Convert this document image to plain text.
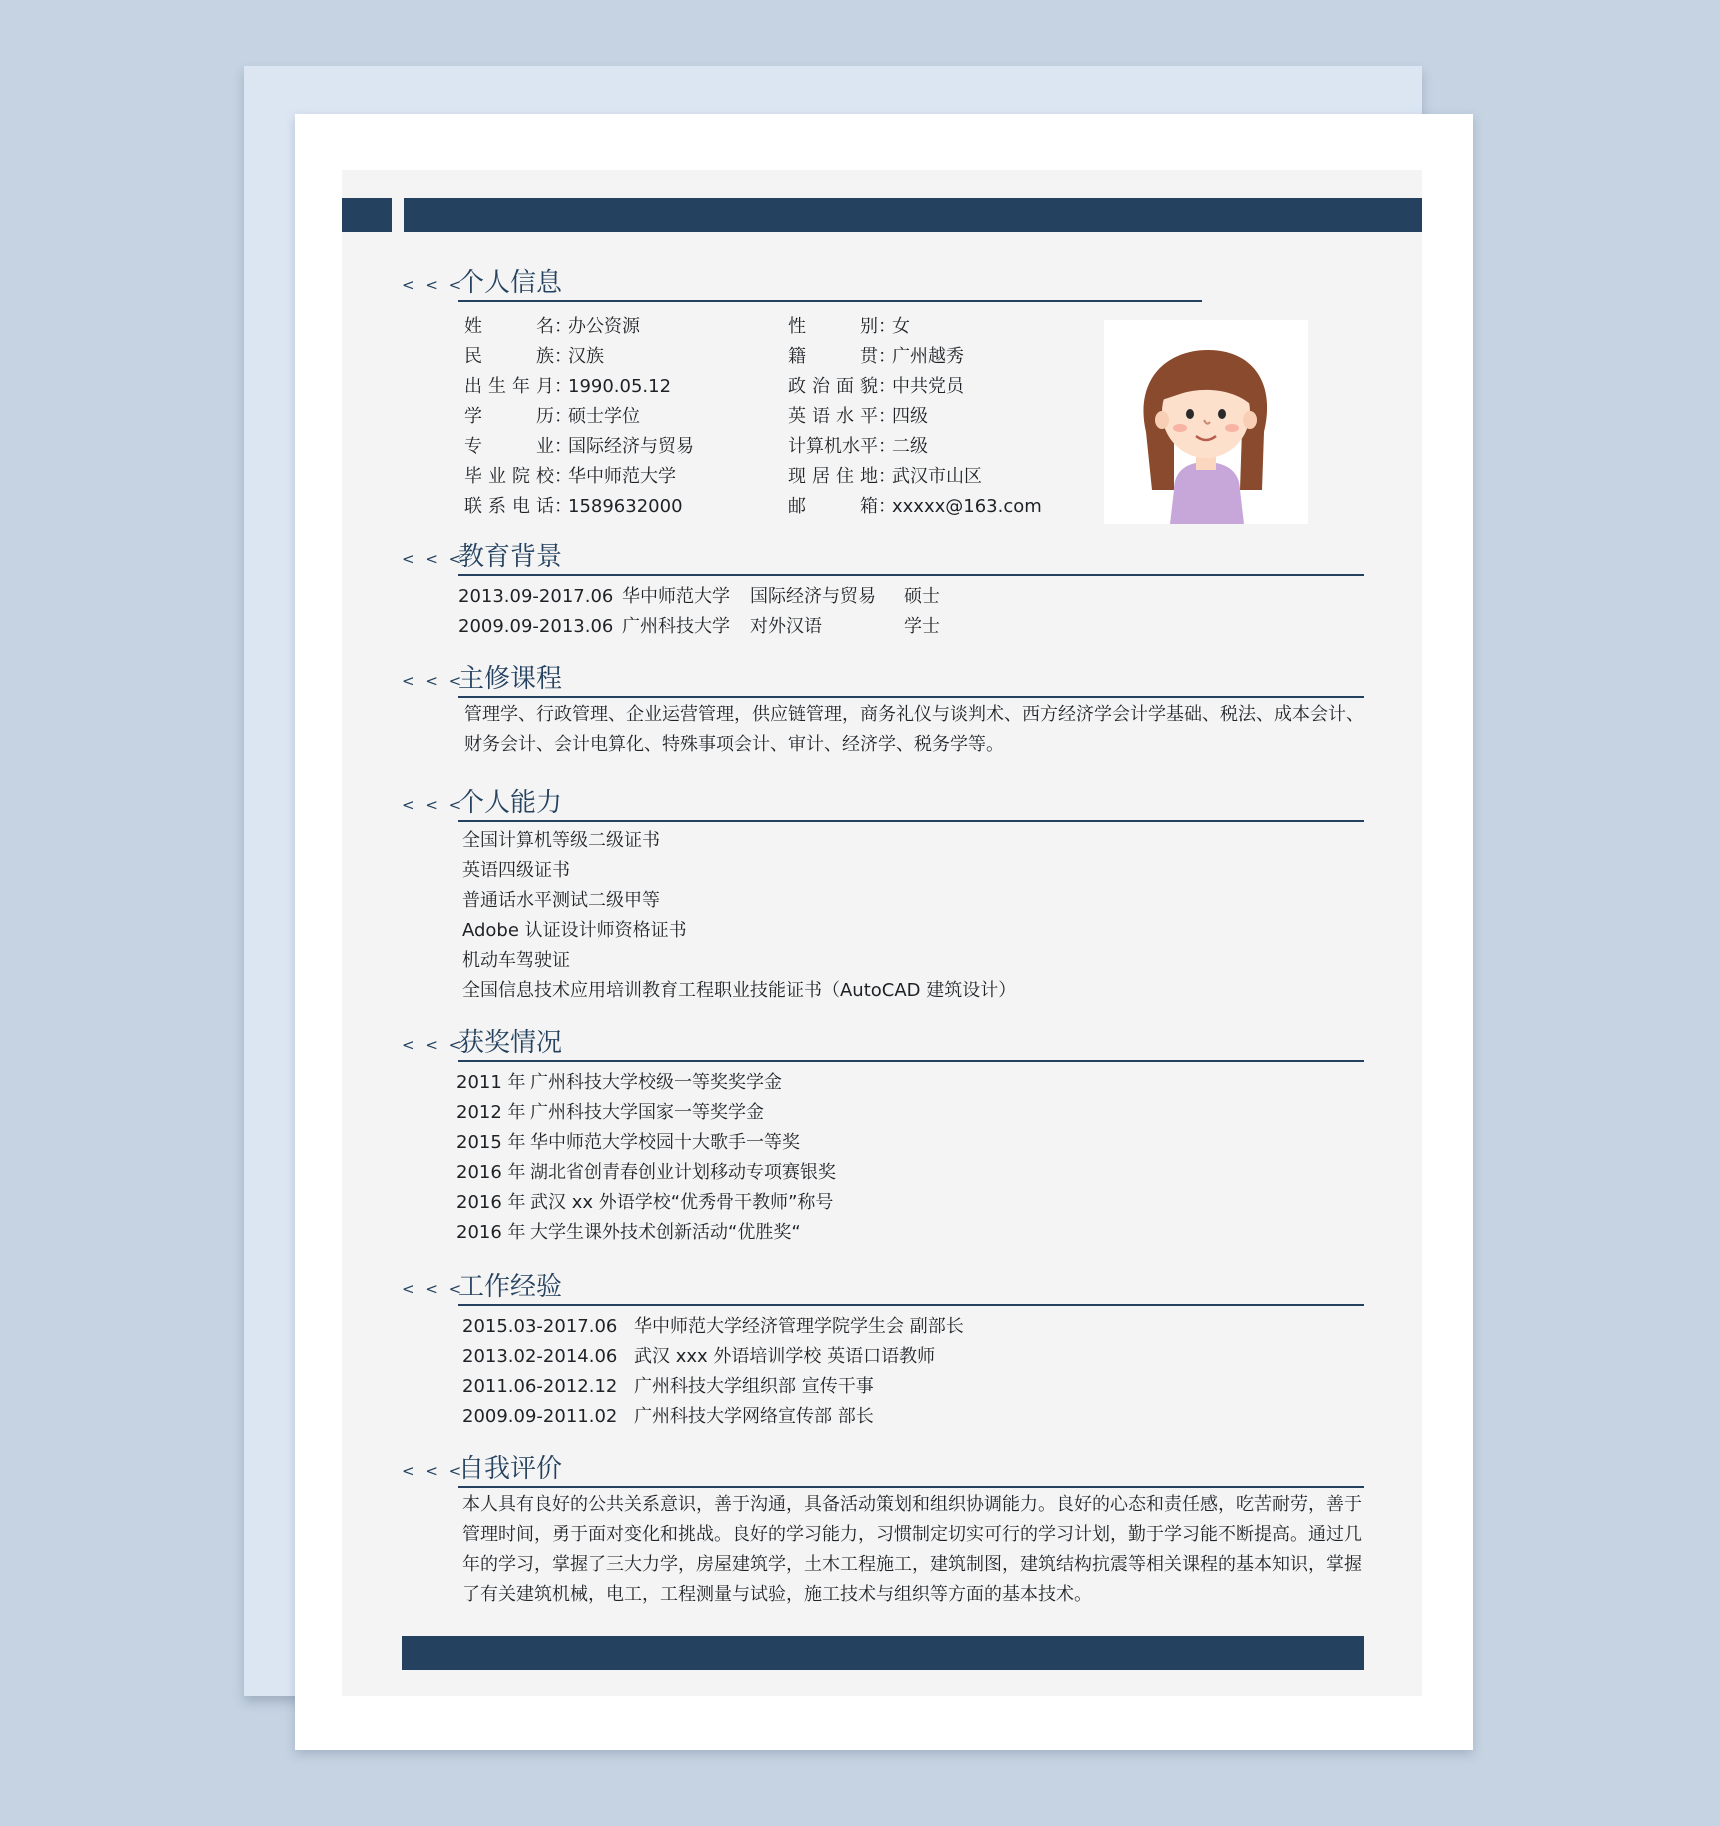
< < <
个人信息
姓名：办公资源
民族：汉族
出生年月：1990.05.12
学历：硕士学位
专业：国际经济与贸易
毕业院校：华中师范大学
联系电话：1589632000
性别：女
籍贯：广州越秀
政治面貌：中共党员
英语水平：四级
计算机水平：二级
现居住地：武汉市山区
邮箱：xxxxx@163.com
< < <
教育背景
2013.09-2017.06 华中师范大学 国际经济与贸易 硕士
2009.09-2013.06 广州科技大学 对外汉语	学士
< < <
主修课程
管理学、行政管理、企业运营管理，供应链管理，商务礼仪与谈判术、西方经济学会计学基础、税法、成本会计、财务会计、会计电算化、特殊事项会计、审计、经济学、税务学等。
< < <
个人能力
全国计算机等级二级证书
英语四级证书
普通话水平测试二级甲等
Adobe 认证设计师资格证书
机动车驾驶证
全国信息技术应用培训教育工程职业技能证书（AutoCAD 建筑设计）
< < <
获奖情况
2011 年 广州科技大学校级一等奖奖学金
2012 年 广州科技大学国家一等奖学金
2015 年 华中师范大学校园十大歌手一等奖
2016 年 湖北省创青春创业计划移动专项赛银奖
2016 年 武汉 xx 外语学校“优秀骨干教师”称号
2016 年 大学生课外技术创新活动“优胜奖“
< < <
工作经验
2015.03-2017.06 华中师范大学经济管理学院学生会 副部长
2013.02-2014.06 武汉 xxx 外语培训学校 英语口语教师
2011.06-2012.12 广州科技大学组织部 宣传干事
2009.09-2011.02 广州科技大学网络宣传部 部长
< < <
自我评价
本人具有良好的公共关系意识，善于沟通，具备活动策划和组织协调能力。良好的心态和责任感，吃苦耐劳，善于管理时间，勇于面对变化和挑战。良好的学习能力，习惯制定切实可行的学习计划，勤于学习能不断提高。通过几年的学习，掌握了三大力学，房屋建筑学，土木工程施工，建筑制图，建筑结构抗震等相关课程的基本知识，掌握了有关建筑机械，电工，工程测量与试验，施工技术与组织等方面的基本技术。
